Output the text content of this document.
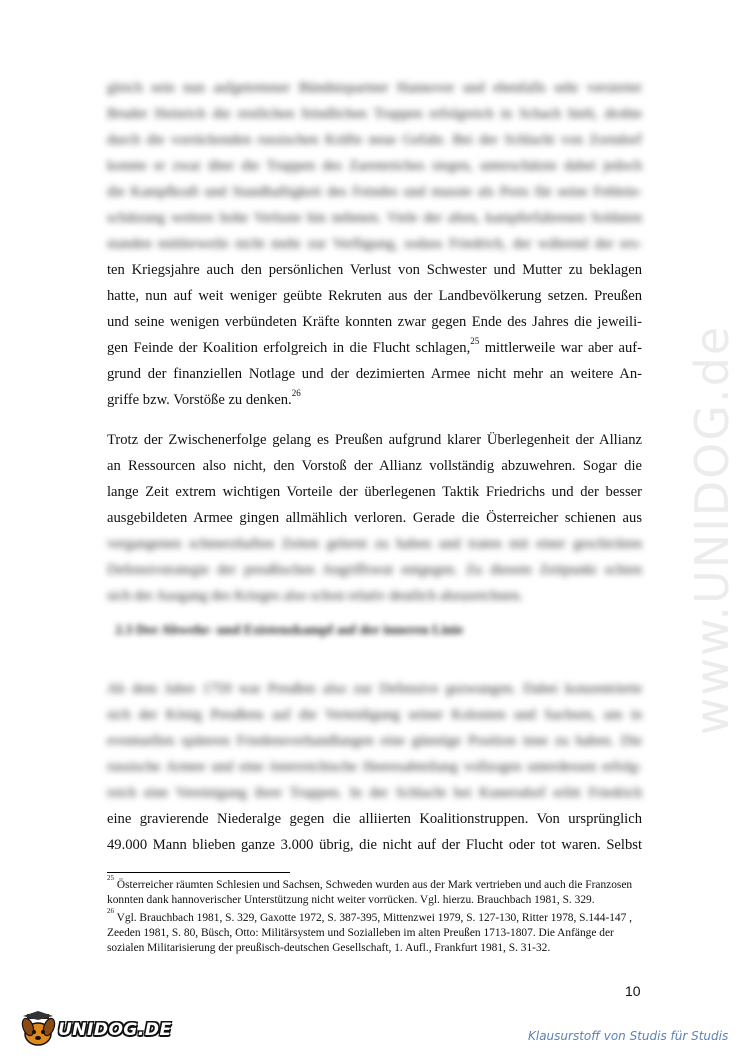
www.UNIDOG.de
gleich sein nun aufgetretener Bündnispartner Hannover und ebenfalls sehr versierter
Bruder Heinrich die restlichen feindlichen Truppen erfolgreich in Schach hielt, drohte
durch die vorrückenden russischen Kräfte neue Gefahr. Bei der Schlacht von Zorndorf
konnte er zwar über die Truppen des Zarenreiches siegen, unterschätzte dabei jedoch
die Kampfkraft und Standhaftigkeit des Feindes und musste als Preis für seine Fehlein-
schätzung weitere hohe Verluste hin nehmen. Viele der alten, kampferfahrenen Soldaten
standen mittlerweile nicht mehr zur Verfügung, sodass Friedrich, der während der ers-
ten Kriegsjahre auch den persönlichen Verlust von Schwester und Mutter zu beklagen
hatte, nun auf weit weniger geübte Rekruten aus der Landbevölkerung setzen. Preußen
und seine wenigen verbündeten Kräfte konnten zwar gegen Ende des Jahres die jeweili-
gen Feinde der Koalition erfolgreich in die Flucht schlagen,$^{25}$ mittlerweile war aber auf-
grund der finanziellen Notlage und der dezimierten Armee nicht mehr an weitere An-
griffe bzw. Vorstöße zu denken.$^{26}$
Trotz der Zwischenerfolge gelang es Preußen aufgrund klarer Überlegenheit der Allianz
an Ressourcen also nicht, den Vorstoß der Allianz vollständig abzuwehren. Sogar die
lange Zeit extrem wichtigen Vorteile der überlegenen Taktik Friedrichs und der besser
ausgebildeten Armee gingen allmählich verloren. Gerade die Österreicher schienen aus
vergangenen schmerzhaften Zeiten gelernt zu haben und traten mit einer geschickten
Defensivstrategie der preußischen Angriffswut entgegen. Zu diesem Zeitpunkt schien
sich der Ausgang des Krieges also schon relativ deutlich abzuzeichnen.
2.3 Der Abwehr- und Existenzkampf auf der inneren Linie
Ab dem Jahre 1759 war Preußen also zur Defensive gezwungen. Dabei konzentrierte
sich der König Preußens auf die Verteidigung seiner Kolonien und Sachsen, um in
eventuellen späteren Friedensverhandlungen eine günstige Position inne zu haben. Die
russische Armee und eine österreichische Heeresabteilung vollzogen unterdessen erfolg-
reich eine Vereinigung ihrer Truppen. In der Schlacht bei Kunersdorf erlitt Friedrich
eine gravierende Niederalge gegen die alliierten Koalitionstruppen. Von ursprünglich
49.000 Mann blieben ganze 3.000 übrig, die nicht auf der Flucht oder tot waren. Selbst
$^{25}$ Österreicher räumten Schlesien und Sachsen, Schweden wurden aus der Mark vertrieben und auch die Franzosen konnten dank hannoverischer Unterstützung nicht weiter vorrücken. Vgl. hierzu. Brauchbach 1981, S. 329.
$^{26}$ Vgl. Brauchbach 1981, S. 329, Gaxotte 1972, S. 387-395, Mittenzwei 1979, S. 127-130, Ritter 1978, S.144-147 , Zeeden 1981, S. 80, Büsch, Otto: Militärsystem und Sozialleben im alten Preußen 1713-1807. Die Anfänge der sozialen Militarisierung der preußisch-deutschen Gesellschaft, 1. Aufl., Frankfurt 1981, S. 31-32.
10
UNIDOG.DE	Klausurstoff von Studis für Studis
